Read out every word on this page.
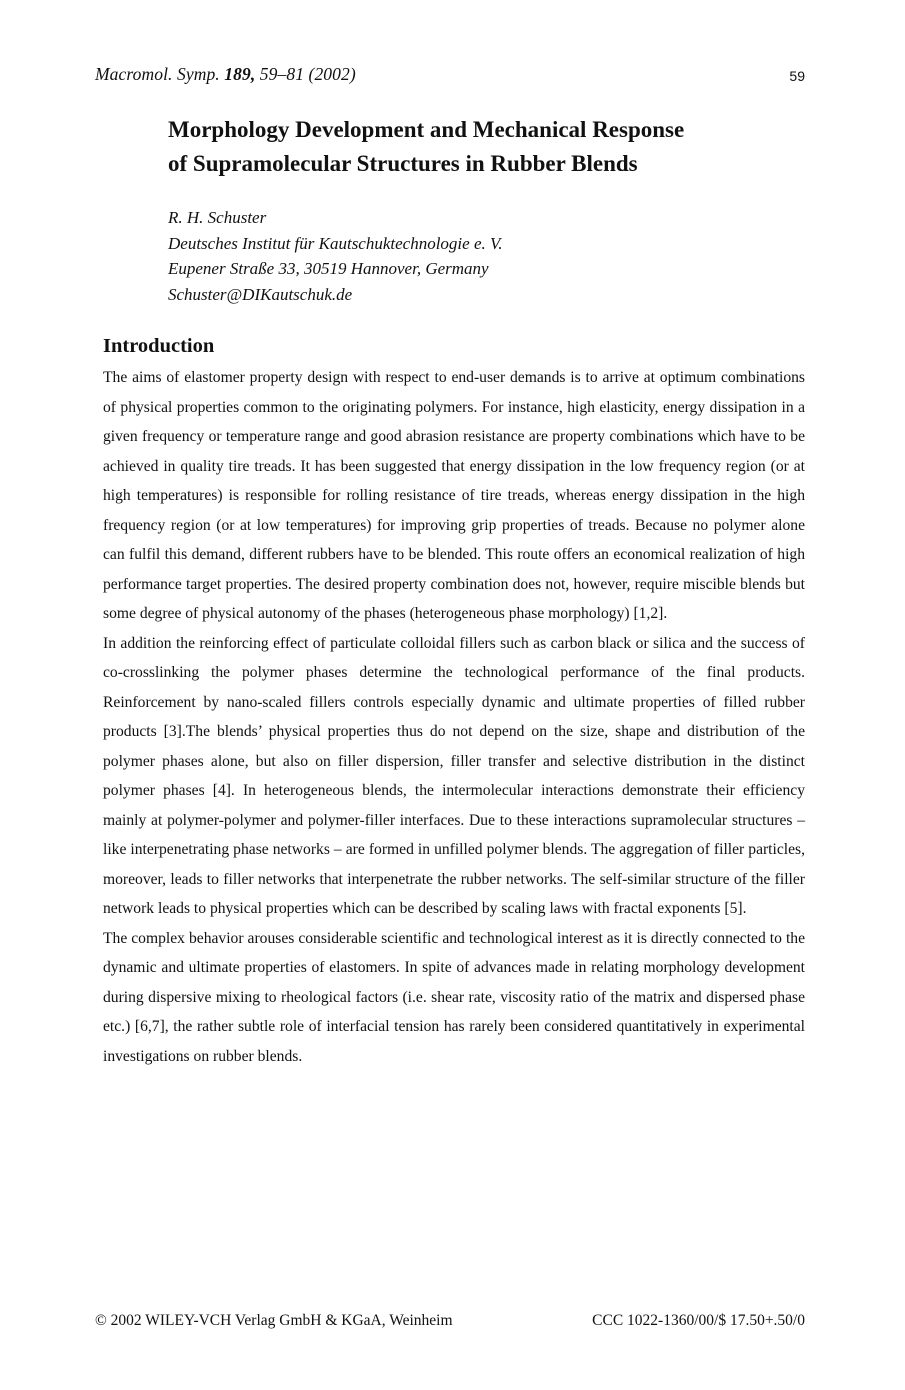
Macromol. Symp. 189, 59–81 (2002)	59
Morphology Development and Mechanical Response
of Supramolecular Structures in Rubber Blends
R. H. Schuster
Deutsches Institut für Kautschuktechnologie e. V.
Eupener Straße 33, 30519 Hannover, Germany
Schuster@DIKautschuk.de
Introduction

The aims of elastomer property design with respect to end-user demands is to arrive at optimum combinations of physical properties common to the originating polymers. For instance, high elasticity, energy dissipation in a given frequency or temperature range and good abrasion resistance are property combinations which have to be achieved in quality tire treads. It has been suggested that energy dissipation in the low frequency region (or at high temperatures) is responsible for rolling resistance of tire treads, whereas energy dissipation in the high frequency region (or at low temperatures) for improving grip properties of treads. Because no polymer alone can fulfil this demand, different rubbers have to be blended. This route offers an economical realization of high performance target properties. The desired property combination does not, however, require miscible blends but some degree of physical autonomy of the phases (heterogeneous phase morphology) [1,2].

In addition the reinforcing effect of particulate colloidal fillers such as carbon black or silica and the success of co-crosslinking the polymer phases determine the technological performance of the final products. Reinforcement by nano-scaled fillers controls especially dynamic and ultimate properties of filled rubber products [3].The blends’ physical properties thus do not depend on the size, shape and distribution of the polymer phases alone, but also on filler dispersion, filler transfer and selective distribution in the distinct polymer phases [4]. In heterogeneous blends, the intermolecular interactions demonstrate their efficiency mainly at polymer-polymer and polymer-filler interfaces. Due to these interactions supramolecular structures – like interpenetrating phase networks – are formed in unfilled polymer blends. The aggregation of filler particles, moreover, leads to filler networks that interpenetrate the rubber networks. The self-similar structure of the filler network leads to physical properties which can be described by scaling laws with fractal exponents [5].

The complex behavior arouses considerable scientific and technological interest as it is directly connected to the dynamic and ultimate properties of elastomers. In spite of advances made in relating morphology development during dispersive mixing to rheological factors (i.e. shear rate, viscosity ratio of the matrix and dispersed phase etc.) [6,7], the rather subtle role of interfacial tension has rarely been considered quantitatively in experimental investigations on rubber blends.

© 2002 WILEY-VCH Verlag GmbH & KGaA, Weinheim	CCC 1022-1360/00/$ 17.50+.50/0
